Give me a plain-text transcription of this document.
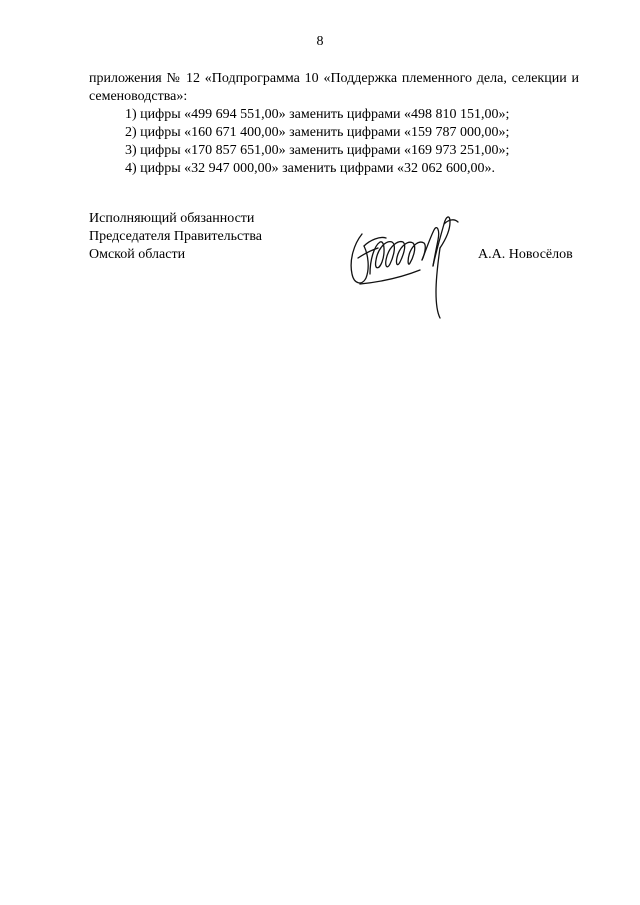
8

приложения № 12 «Подпрограмма 10 «Поддержка племенного дела, селекции и семеноводства»:

1) цифры «499 694 551,00» заменить цифрами «498 810 151,00»;

2) цифры «160 671 400,00» заменить цифрами «159 787 000,00»;

3) цифры «170 857 651,00» заменить цифрами «169 973 251,00»;

4) цифры «32 947 000,00» заменить цифрами «32 062 600,00».

Исполняющий обязанности
Председателя Правительства
Омской области	А.А. Новосёлов
